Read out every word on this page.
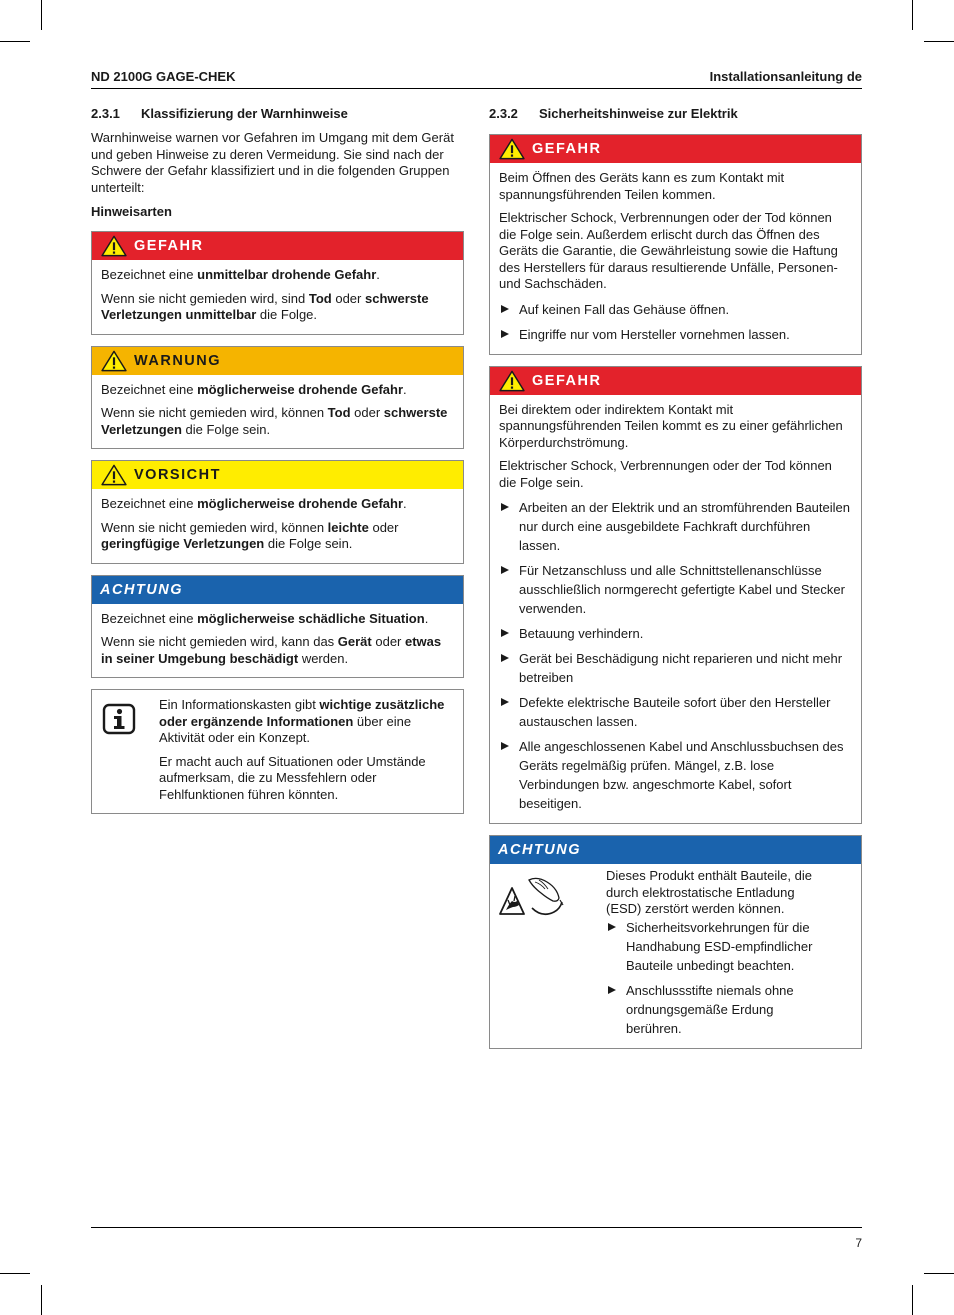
ND 2100G GAGE-CHEK	Installationsanleitung de
2.3.1 Klassifizierung der Warnhinweise

Warnhinweise warnen vor Gefahren im Umgang mit dem Gerät und geben Hinweise zu deren Vermeidung. Sie sind nach der Schwere der Gefahr klassifiziert und in die folgenden Gruppen unterteilt:

Hinweisarten

GEFAHR

Bezeichnet eine unmittelbar drohende Gefahr.

Wenn sie nicht gemieden wird, sind Tod oder schwerste Verletzungen unmittelbar die Folge.

WARNUNG

Bezeichnet eine möglicherweise drohende Gefahr.

Wenn sie nicht gemieden wird, können Tod oder schwerste Verletzungen die Folge sein.

VORSICHT

Bezeichnet eine möglicherweise drohende Gefahr.

Wenn sie nicht gemieden wird, können leichte oder geringfügige Verletzungen die Folge sein.

ACHTUNG

Bezeichnet eine möglicherweise schädliche Situation.

Wenn sie nicht gemieden wird, kann das Gerät oder etwas in seiner Umgebung beschädigt werden.

Ein Informationskasten gibt wichtige zusätzliche oder ergänzende Informationen über eine Aktivität oder ein Konzept.

Er macht auch auf Situationen oder Umstände aufmerksam, die zu Messfehlern oder Fehlfunktionen führen könnten.

2.3.2 Sicherheitshinweise zur Elektrik
GEFAHR

Beim Öffnen des Geräts kann es zum Kontakt mit spannungsführenden Teilen kommen.

Elektrischer Schock, Verbrennungen oder der Tod können die Folge sein. Außerdem erlischt durch das Öffnen des Geräts die Garantie, die Gewährleistung sowie die Haftung des Herstellers für daraus resultierende Unfälle, Personen- und Sachschäden.

Auf keinen Fall das Gehäuse öffnen.
Eingriffe nur vom Hersteller vornehmen lassen.
GEFAHR

Bei direktem oder indirektem Kontakt mit spannungsführenden Teilen kommt es zu einer gefährlichen Körperdurchströmung.

Elektrischer Schock, Verbrennungen oder der Tod können die Folge sein.

Arbeiten an der Elektrik und an stromführenden Bauteilen nur durch eine ausgebildete Fachkraft durchführen lassen.
Für Netzanschluss und alle Schnittstellenanschlüsse ausschließlich normgerecht gefertigte Kabel und Stecker verwenden.
Betauung verhindern.
Gerät bei Beschädigung nicht reparieren und nicht mehr betreiben
Defekte elektrische Bauteile sofort über den Hersteller austauschen lassen.
Alle angeschlossenen Kabel und Anschlussbuchsen des Geräts regelmäßig prüfen. Mängel, z.B. lose Verbindungen bzw. angeschmorte Kabel, sofort beseitigen.
ACHTUNG

Dieses Produkt enthält Bauteile, die durch elektrostatische Entladung (ESD) zerstört werden können.

Sicherheitsvorkehrungen für die Handhabung ESD-empfindlicher Bauteile unbedingt beachten.
Anschlussstifte niemals ohne ordnungsgemäße Erdung berühren.
7
